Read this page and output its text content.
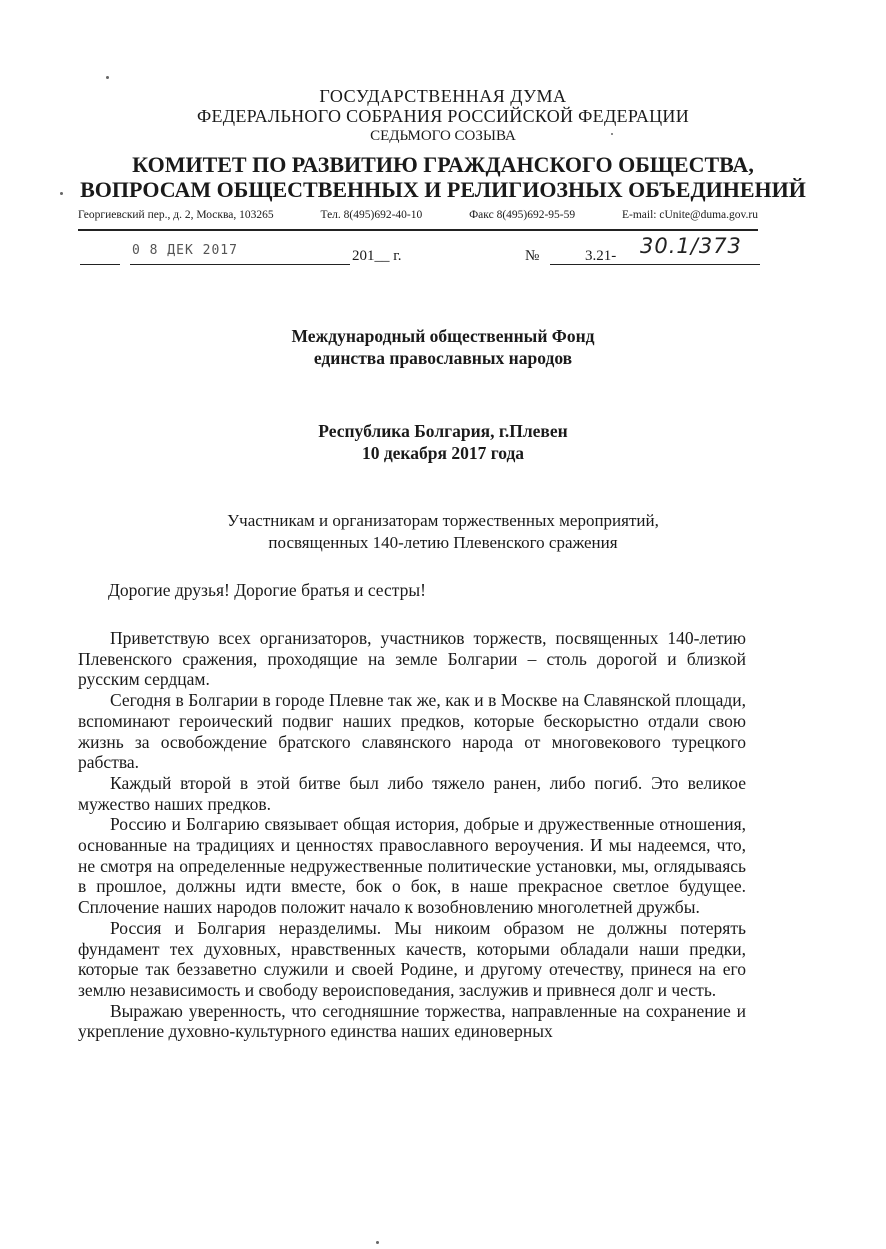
ГОСУДАРСТВЕННАЯ ДУМА
ФЕДЕРАЛЬНОГО СОБРАНИЯ РОССИЙСКОЙ ФЕДЕРАЦИИ
СЕДЬМОГО СОЗЫВА
КОМИТЕТ ПО РАЗВИТИЮ ГРАЖДАНСКОГО ОБЩЕСТВА,
ВОПРОСАМ ОБЩЕСТВЕННЫХ И РЕЛИГИОЗНЫХ ОБЪЕДИНЕНИЙ
Георгиевский пер., д. 2, Москва, 103265	Тел. 8(495)692-40-10	Факс 8(495)692-95-59	E-mail: cUnite@duma.gov.ru
0 8 ДЕК 2017	201__ г.	№	3.21- 30.1/373
Международный общественный Фонд
единства православных народов
Республика Болгария, г.Плевен
10 декабря 2017 года
Участникам и организаторам торжественных мероприятий,
посвященных 140-летию Плевенского сражения
Дорогие друзья! Дорогие братья и сестры!

Приветствую всех организаторов, участников торжеств, посвященных 140-летию Плевенского сражения, проходящие на земле Болгарии – столь дорогой и близкой русским сердцам.

Сегодня в Болгарии в городе Плевне так же, как и в Москве на Славянской площади, вспоминают героический подвиг наших предков, которые бескорыстно отдали свою жизнь за освобождение братского славянского народа от многовекового турецкого рабства.

Каждый второй в этой битве был либо тяжело ранен, либо погиб. Это великое мужество наших предков.

Россию и Болгарию связывает общая история, добрые и дружественные отношения, основанные на традициях и ценностях православного вероучения. И мы надеемся, что, не смотря на определенные недружественные политические установки, мы, оглядываясь в прошлое, должны идти вместе, бок о бок, в наше прекрасное светлое будущее. Сплочение наших народов положит начало к возобновлению многолетней дружбы.

Россия и Болгария неразделимы. Мы никоим образом не должны потерять фундамент тех духовных, нравственных качеств, которыми обладали наши предки, которые так беззаветно служили и своей Родине, и другому отечеству, принеся на его землю независимость и свободу вероисповедания, заслужив и привнеся долг и честь.

Выражаю уверенность, что сегодняшние торжества, направленные на сохранение и укрепление духовно-культурного единства наших единоверных
